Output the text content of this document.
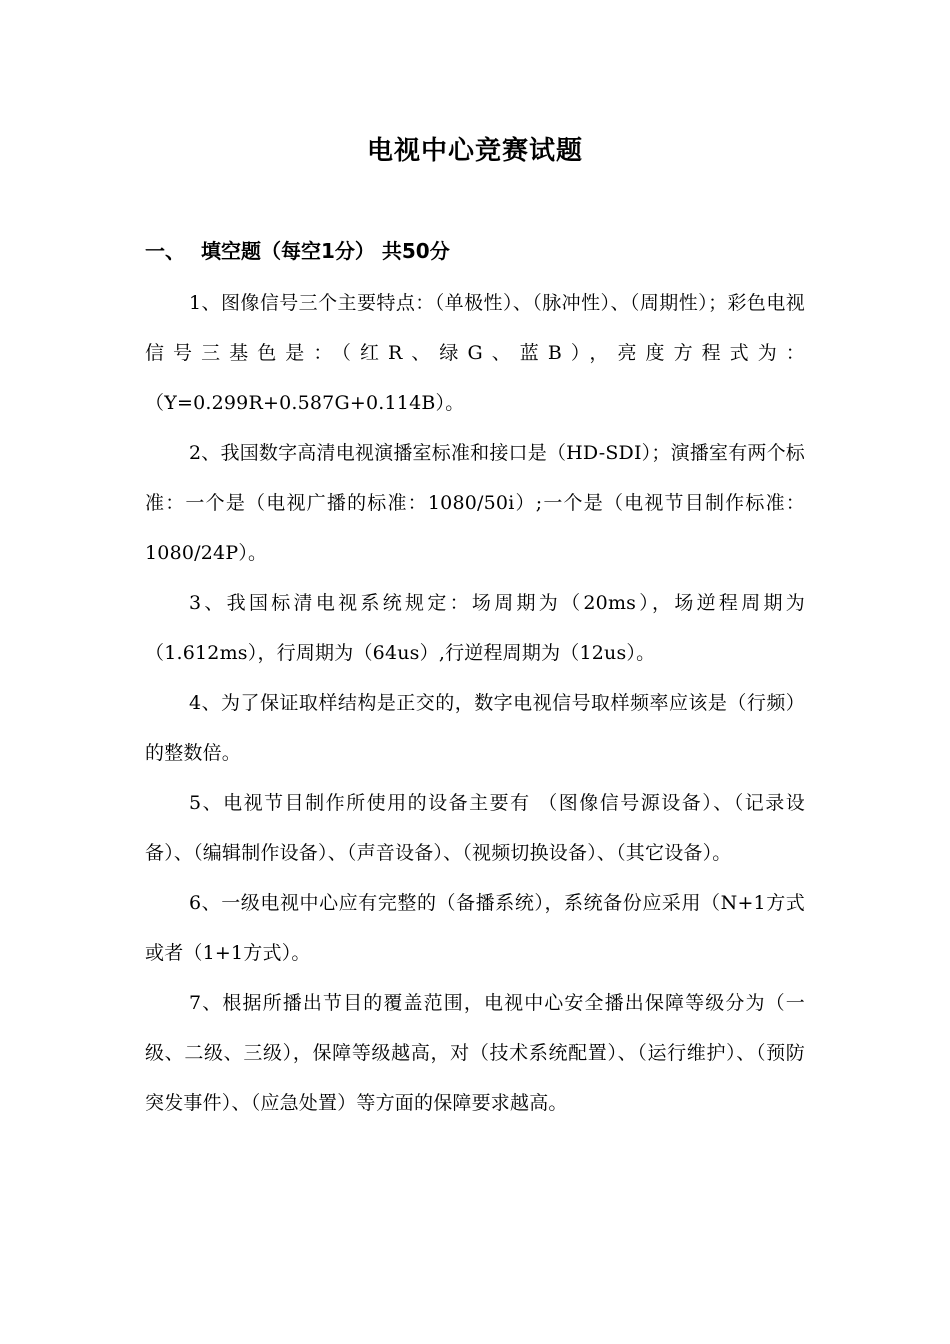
电视中心竞赛试题
一、 填空题（每空1分） 共50分

1、图像信号三个主要特点：（单极性）、（脉冲性）、（周期性）；彩色电视信号三基色是：（红R、绿G、蓝B），亮度方程式为：（Y=0.299R+0.587G+0.114B）。

2、我国数字高清电视演播室标准和接口是（HD-SDI）；演播室有两个标准：一个是（电视广播的标准：1080/50i）;一个是（电视节目制作标准：1080/24P）。

3、我国标清电视系统规定：场周期为（20ms），场逆程周期为（1.612ms），行周期为（64us）,行逆程周期为（12us）。

4、为了保证取样结构是正交的，数字电视信号取样频率应该是（行频）的整数倍。

5、电视节目制作所使用的设备主要有 （图像信号源设备）、（记录设备）、（编辑制作设备）、（声音设备）、（视频切换设备）、（其它设备）。

6、一级电视中心应有完整的（备播系统），系统备份应采用（N+1方式或者（1+1方式）。

7、根据所播出节目的覆盖范围，电视中心安全播出保障等级分为（一级、二级、三级），保障等级越高，对（技术系统配置）、（运行维护）、（预防突发事件）、（应急处置）等方面的保障要求越高。
